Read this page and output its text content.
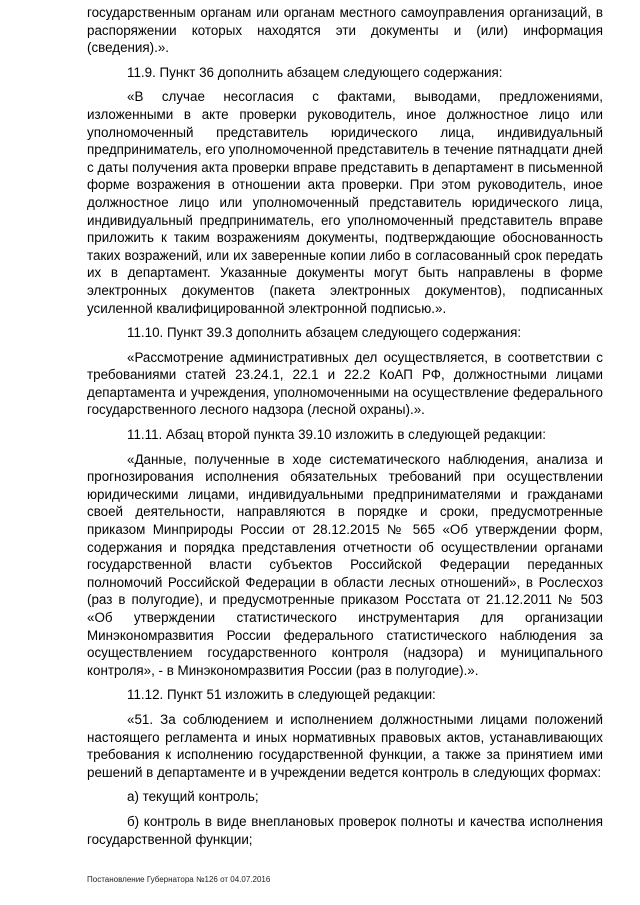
государственным органам или органам местного самоуправления организаций, в распоряжении которых находятся эти документы и (или) информация (сведения).».

11.9. Пункт 36 дополнить абзацем следующего содержания:

«В случае несогласия с фактами, выводами, предложениями, изложенными в акте проверки руководитель, иное должностное лицо или уполномоченный представитель юридического лица, индивидуальный предприниматель, его уполномоченной представитель в течение пятнадцати дней с даты получения акта проверки вправе представить в департамент в письменной форме возражения в отношении акта проверки. При этом руководитель, иное должностное лицо или уполномоченный представитель юридического лица, индивидуальный предприниматель, его уполномоченный представитель вправе приложить к таким возражениям документы, подтверждающие обоснованность таких возражений, или их заверенные копии либо в согласованный срок передать их в департамент. Указанные документы могут быть направлены в форме электронных документов (пакета электронных документов), подписанных усиленной квалифицированной электронной подписью.».

11.10. Пункт 39.3 дополнить абзацем следующего содержания:

«Рассмотрение административных дел осуществляется, в соответствии с требованиями статей 23.24.1, 22.1 и 22.2 КоАП РФ, должностными лицами департамента и учреждения, уполномоченными на осуществление федерального государственного лесного надзора (лесной охраны).».

11.11. Абзац второй пункта 39.10 изложить в следующей редакции:

«Данные, полученные в ходе систематического наблюдения, анализа и прогнозирования исполнения обязательных требований при осуществлении юридическими лицами, индивидуальными предпринимателями и гражданами своей деятельности, направляются в порядке и сроки, предусмотренные приказом Минприроды России от 28.12.2015 № 565 «Об утверждении форм, содержания и порядка представления отчетности об осуществлении органами государственной власти субъектов Российской Федерации переданных полномочий Российской Федерации в области лесных отношений», в Рослесхоз (раз в полугодие), и предусмотренные приказом Росстата от 21.12.2011 № 503 «Об утверждении статистического инструментария для организации Минэкономразвития России федерального статистического наблюдения за осуществлением государственного контроля (надзора) и муниципального контроля», - в Минэкономразвития России (раз в полугодие).».

11.12. Пункт 51 изложить в следующей редакции:

«51. За соблюдением и исполнением должностными лицами положений настоящего регламента и иных нормативных правовых актов, устанавливающих требования к исполнению государственной функции, а также за принятием ими решений в департаменте и в учреждении ведется контроль в следующих формах:

а) текущий контроль;

б) контроль в виде внеплановых проверок полноты и качества исполнения государственной функции;

Постановление Губернатора №126 от 04.07.2016
